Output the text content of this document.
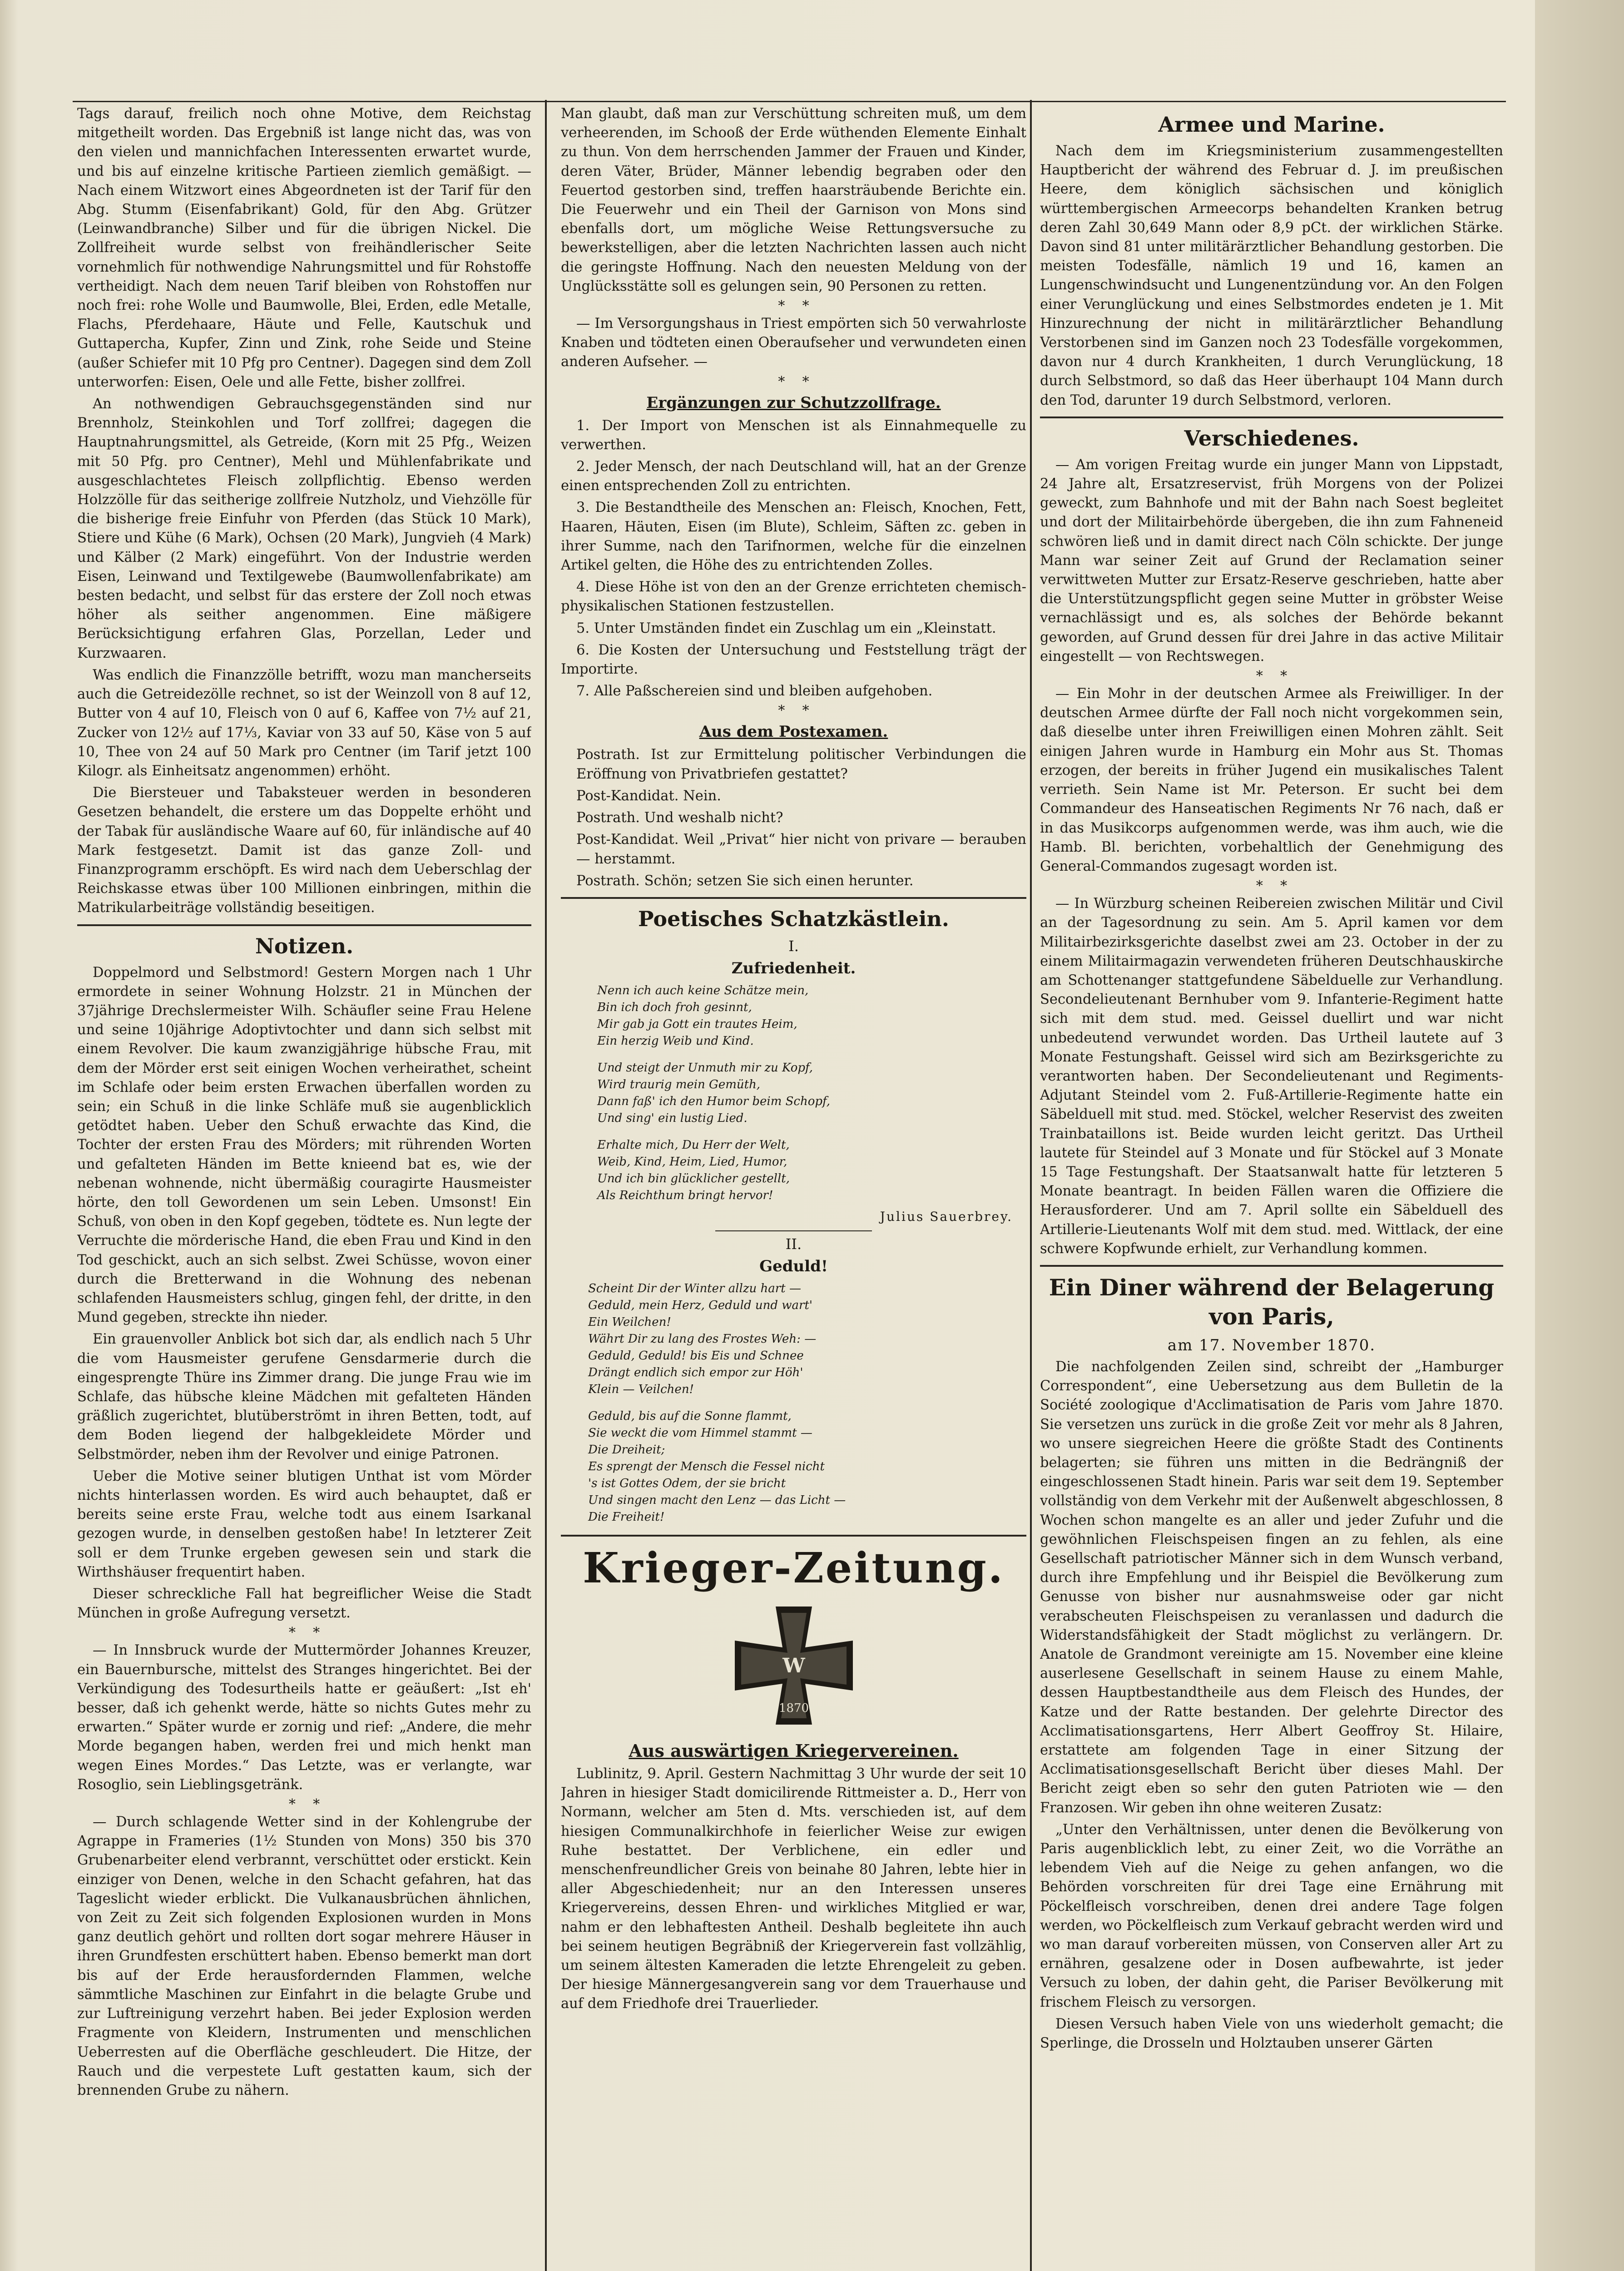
Tags darauf, freilich noch ohne Motive, dem Reichstag mitgetheilt worden. Das Ergebniß ist lange nicht das, was von den vielen und mannichfachen Interessenten erwartet wurde, und bis auf einzelne kritische Partieen ziemlich gemäßigt. — Nach einem Witzwort eines Abgeordneten ist der Tarif für den Abg. Stumm (Eisenfabrikant) Gold, für den Abg. Grützer (Leinwandbranche) Silber und für die übrigen Nickel. Die Zollfreiheit wurde selbst von freihändlerischer Seite vornehmlich für nothwendige Nahrungsmittel und für Rohstoffe vertheidigt. Nach dem neuen Tarif bleiben von Rohstoffen nur noch frei: rohe Wolle und Baumwolle, Blei, Erden, edle Metalle, Flachs, Pferdehaare, Häute und Felle, Kautschuk und Guttapercha, Kupfer, Zinn und Zink, rohe Seide und Steine (außer Schiefer mit 10 Pfg pro Centner). Dagegen sind dem Zoll unterworfen: Eisen, Oele und alle Fette, bisher zollfrei.

An nothwendigen Gebrauchsgegenständen sind nur Brennholz, Steinkohlen und Torf zollfrei; dagegen die Hauptnahrungsmittel, als Getreide, (Korn mit 25 Pfg., Weizen mit 50 Pfg. pro Centner), Mehl und Mühlenfabrikate und ausgeschlachtetes Fleisch zollpflichtig. Ebenso werden Holzzölle für das seitherige zollfreie Nutzholz, und Viehzölle für die bisherige freie Einfuhr von Pferden (das Stück 10 Mark), Stiere und Kühe (6 Mark), Ochsen (20 Mark), Jungvieh (4 Mark) und Kälber (2 Mark) eingeführt. Von der Industrie werden Eisen, Leinwand und Textilgewebe (Baumwollenfabrikate) am besten bedacht, und selbst für das erstere der Zoll noch etwas höher als seither angenommen. Eine mäßigere Berücksichtigung erfahren Glas, Porzellan, Leder und Kurzwaaren.

Was endlich die Finanzzölle betrifft, wozu man mancherseits auch die Getreidezölle rechnet, so ist der Weinzoll von 8 auf 12, Butter von 4 auf 10, Fleisch von 0 auf 6, Kaffee von 7½ auf 21, Zucker von 12½ auf 17⅓, Kaviar von 33 auf 50, Käse von 5 auf 10, Thee von 24 auf 50 Mark pro Centner (im Tarif jetzt 100 Kilogr. als Einheitsatz angenommen) erhöht.

Die Biersteuer und Tabaksteuer werden in besonderen Gesetzen behandelt, die erstere um das Doppelte erhöht und der Tabak für ausländische Waare auf 60, für inländische auf 40 Mark festgesetzt. Damit ist das ganze Zoll- und Finanzprogramm erschöpft. Es wird nach dem Ueberschlag der Reichskasse etwas über 100 Millionen einbringen, mithin die Matrikularbeiträge vollständig beseitigen.

Notizen.

Doppelmord und Selbstmord! Gestern Morgen nach 1 Uhr ermordete in seiner Wohnung Holzstr. 21 in München der 37jährige Drechslermeister Wilh. Schäufler seine Frau Helene und seine 10jährige Adoptivtochter und dann sich selbst mit einem Revolver. Die kaum zwanzigjährige hübsche Frau, mit dem der Mörder erst seit einigen Wochen verheirathet, scheint im Schlafe oder beim ersten Erwachen überfallen worden zu sein; ein Schuß in die linke Schläfe muß sie augenblicklich getödtet haben. Ueber den Schuß erwachte das Kind, die Tochter der ersten Frau des Mörders; mit rührenden Worten und gefalteten Händen im Bette knieend bat es, wie der nebenan wohnende, nicht übermäßig couragirte Hausmeister hörte, den toll Gewordenen um sein Leben. Umsonst! Ein Schuß, von oben in den Kopf gegeben, tödtete es. Nun legte der Verruchte die mörderische Hand, die eben Frau und Kind in den Tod geschickt, auch an sich selbst. Zwei Schüsse, wovon einer durch die Bretterwand in die Wohnung des nebenan schlafenden Hausmeisters schlug, gingen fehl, der dritte, in den Mund gegeben, streckte ihn nieder.

Ein grauenvoller Anblick bot sich dar, als endlich nach 5 Uhr die vom Hausmeister gerufene Gensdarmerie durch die eingesprengte Thüre ins Zimmer drang. Die junge Frau wie im Schlafe, das hübsche kleine Mädchen mit gefalteten Händen gräßlich zugerichtet, blutüberströmt in ihren Betten, todt, auf dem Boden liegend der halbgekleidete Mörder und Selbstmörder, neben ihm der Revolver und einige Patronen.

Ueber die Motive seiner blutigen Unthat ist vom Mörder nichts hinterlassen worden. Es wird auch behauptet, daß er bereits seine erste Frau, welche todt aus einem Isarkanal gezogen wurde, in denselben gestoßen habe! In letzterer Zeit soll er dem Trunke ergeben gewesen sein und stark die Wirthshäuser frequentirt haben.

Dieser schreckliche Fall hat begreiflicher Weise die Stadt München in große Aufregung versetzt.

*    *

— In Innsbruck wurde der Muttermörder Johannes Kreuzer, ein Bauernbursche, mittelst des Stranges hingerichtet. Bei der Verkündigung des Todesurtheils hatte er geäußert: „Ist eh' besser, daß ich gehenkt werde, hätte so nichts Gutes mehr zu erwarten.“ Später wurde er zornig und rief: „Andere, die mehr Morde begangen haben, werden frei und mich henkt man wegen Eines Mordes.“ Das Letzte, was er verlangte, war Rosoglio, sein Lieblingsgetränk.

*    *

— Durch schlagende Wetter sind in der Kohlengrube der Agrappe in Frameries (1½ Stunden von Mons) 350 bis 370 Grubenarbeiter elend verbrannt, verschüttet oder erstickt. Kein einziger von Denen, welche in den Schacht gefahren, hat das Tageslicht wieder erblickt. Die Vulkanausbrüchen ähnlichen, von Zeit zu Zeit sich folgenden Explosionen wurden in Mons ganz deutlich gehört und rollten dort sogar mehrere Häuser in ihren Grundfesten erschüttert haben. Ebenso bemerkt man dort bis auf der Erde herausfordernden Flammen, welche sämmtliche Maschinen zur Einfahrt in die belagte Grube und zur Luftreinigung verzehrt haben. Bei jeder Explosion werden Fragmente von Kleidern, Instrumenten und menschlichen Ueberresten auf die Oberfläche geschleudert. Die Hitze, der Rauch und die verpestete Luft gestatten kaum, sich der brennenden Grube zu nähern.

Man glaubt, daß man zur Verschüttung schreiten muß, um dem verheerenden, im Schooß der Erde wüthenden Elemente Einhalt zu thun. Von dem herrschenden Jammer der Frauen und Kinder, deren Väter, Brüder, Männer lebendig begraben oder den Feuertod gestorben sind, treffen haarsträubende Berichte ein. Die Feuerwehr und ein Theil der Garnison von Mons sind ebenfalls dort, um mögliche Weise Rettungsversuche zu bewerkstelligen, aber die letzten Nachrichten lassen auch nicht die geringste Hoffnung. Nach den neuesten Meldung von der Unglücksstätte soll es gelungen sein, 90 Personen zu retten.

*    *

— Im Versorgungshaus in Triest empörten sich 50 verwahrloste Knaben und tödteten einen Oberaufseher und verwundeten einen anderen Aufseher. —

*    *
Ergänzungen zur Schutzzollfrage.

1. Der Import von Menschen ist als Einnahmequelle zu verwerthen.

2. Jeder Mensch, der nach Deutschland will, hat an der Grenze einen entsprechenden Zoll zu entrichten.

3. Die Bestandtheile des Menschen an: Fleisch, Knochen, Fett, Haaren, Häuten, Eisen (im Blute), Schleim, Säften zc. geben in ihrer Summe, nach den Tarifnormen, welche für die einzelnen Artikel gelten, die Höhe des zu entrichtenden Zolles.

4. Diese Höhe ist von den an der Grenze errichteten chemisch-physikalischen Stationen festzustellen.

5. Unter Umständen findet ein Zuschlag um ein „Kleinstatt.

6. Die Kosten der Untersuchung und Feststellung trägt der Importirte.

7. Alle Paßschereien sind und bleiben aufgehoben.

*    *
Aus dem Postexamen.

Postrath. Ist zur Ermittelung politischer Verbindungen die Eröffnung von Privatbriefen gestattet?

Post-Kandidat. Nein.

Postrath. Und weshalb nicht?

Post-Kandidat. Weil „Privat“ hier nicht von privare — berauben — herstammt.

Postrath. Schön; setzen Sie sich einen herunter.

Poetisches Schatzkästlein.
I.
Zufriedenheit.
Nenn ich auch keine Schätze mein,
Bin ich doch froh gesinnt,
Mir gab ja Gott ein trautes Heim,
Ein herzig Weib und Kind.
Und steigt der Unmuth mir zu Kopf,
Wird traurig mein Gemüth,
Dann faß' ich den Humor beim Schopf,
Und sing' ein lustig Lied.
Erhalte mich, Du Herr der Welt,
Weib, Kind, Heim, Lied, Humor,
Und ich bin glücklicher gestellt,
Als Reichthum bringt hervor!
Julius Sauerbrey.
II.
Geduld!
Scheint Dir der Winter allzu hart —
Geduld, mein Herz, Geduld und wart'
Ein Weilchen!
Währt Dir zu lang des Frostes Weh: —
Geduld, Geduld! bis Eis und Schnee
Drängt endlich sich empor zur Höh'
Klein — Veilchen!
Geduld, bis auf die Sonne flammt,
Sie weckt die vom Himmel stammt —
Die Dreiheit;
Es sprengt der Mensch die Fessel nicht
's ist Gottes Odem, der sie bricht
Und singen macht den Lenz — das Licht —
Die Freiheit!
Krieger-Zeitung.
W
1870
Aus auswärtigen Kriegervereinen.

Lublinitz, 9. April. Gestern Nachmittag 3 Uhr wurde der seit 10 Jahren in hiesiger Stadt domicilirende Rittmeister a. D., Herr von Normann, welcher am 5ten d. Mts. verschieden ist, auf dem hiesigen Communalkirchhofe in feierlicher Weise zur ewigen Ruhe bestattet. Der Verblichene, ein edler und menschenfreundlicher Greis von beinahe 80 Jahren, lebte hier in aller Abgeschiedenheit; nur an den Interessen unseres Kriegervereins, dessen Ehren- und wirkliches Mitglied er war, nahm er den lebhaftesten Antheil. Deshalb begleitete ihn auch bei seinem heutigen Begräbniß der Kriegerverein fast vollzählig, um seinem ältesten Kameraden die letzte Ehrengeleit zu geben. Der hiesige Männergesangverein sang vor dem Trauerhause und auf dem Friedhofe drei Trauerlieder.

Armee und Marine.

Nach dem im Kriegsministerium zusammengestellten Hauptbericht der während des Februar d. J. im preußischen Heere, dem königlich sächsischen und königlich württembergischen Armeecorps behandelten Kranken betrug deren Zahl 30,649 Mann oder 8,9 pCt. der wirklichen Stärke. Davon sind 81 unter militärärztlicher Behandlung gestorben. Die meisten Todesfälle, nämlich 19 und 16, kamen an Lungenschwindsucht und Lungenentzündung vor. An den Folgen einer Verunglückung und eines Selbstmordes endeten je 1. Mit Hinzurechnung der nicht in militärärztlicher Behandlung Verstorbenen sind im Ganzen noch 23 Todesfälle vorgekommen, davon nur 4 durch Krankheiten, 1 durch Verunglückung, 18 durch Selbstmord, so daß das Heer überhaupt 104 Mann durch den Tod, darunter 19 durch Selbstmord, verloren.

Verschiedenes.

— Am vorigen Freitag wurde ein junger Mann von Lippstadt, 24 Jahre alt, Ersatzreservist, früh Morgens von der Polizei geweckt, zum Bahnhofe und mit der Bahn nach Soest begleitet und dort der Militairbehörde übergeben, die ihn zum Fahneneid schwören ließ und in damit direct nach Cöln schickte. Der junge Mann war seiner Zeit auf Grund der Reclamation seiner verwittweten Mutter zur Ersatz-Reserve geschrieben, hatte aber die Unterstützungspflicht gegen seine Mutter in gröbster Weise vernachlässigt und es, als solches der Behörde bekannt geworden, auf Grund dessen für drei Jahre in das active Militair eingestellt — von Rechtswegen.

*    *

— Ein Mohr in der deutschen Armee als Freiwilliger. In der deutschen Armee dürfte der Fall noch nicht vorgekommen sein, daß dieselbe unter ihren Freiwilligen einen Mohren zählt. Seit einigen Jahren wurde in Hamburg ein Mohr aus St. Thomas erzogen, der bereits in früher Jugend ein musikalisches Talent verrieth. Sein Name ist Mr. Peterson. Er sucht bei dem Commandeur des Hanseatischen Regiments Nr 76 nach, daß er in das Musikcorps aufgenommen werde, was ihm auch, wie die Hamb. Bl. berichten, vorbehaltlich der Genehmigung des General-Commandos zugesagt worden ist.

*    *

— In Würzburg scheinen Reibereien zwischen Militär und Civil an der Tagesordnung zu sein. Am 5. April kamen vor dem Militairbezirksgerichte daselbst zwei am 23. October in der zu einem Militairmagazin verwendeten früheren Deutschhauskirche am Schottenanger stattgefundene Säbelduelle zur Verhandlung. Secondelieutenant Bernhuber vom 9. Infanterie-Regiment hatte sich mit dem stud. med. Geissel duellirt und war nicht unbedeutend verwundet worden. Das Urtheil lautete auf 3 Monate Festungshaft. Geissel wird sich am Bezirksgerichte zu verantworten haben. Der Secondelieutenant und Regiments-Adjutant Steindel vom 2. Fuß-Artillerie-Regimente hatte ein Säbelduell mit stud. med. Stöckel, welcher Reservist des zweiten Trainbataillons ist. Beide wurden leicht geritzt. Das Urtheil lautete für Steindel auf 3 Monate und für Stöckel auf 3 Monate 15 Tage Festungshaft. Der Staatsanwalt hatte für letzteren 5 Monate beantragt. In beiden Fällen waren die Offiziere die Herausforderer. Und am 7. April sollte ein Säbelduell des Artillerie-Lieutenants Wolf mit dem stud. med. Wittlack, der eine schwere Kopfwunde erhielt, zur Verhandlung kommen.

Ein Diner während der Belagerung von Paris,
am 17. November 1870.

Die nachfolgenden Zeilen sind, schreibt der „Hamburger Correspondent“, eine Uebersetzung aus dem Bulletin de la Société zoologique d'Acclimatisation de Paris vom Jahre 1870. Sie versetzen uns zurück in die große Zeit vor mehr als 8 Jahren, wo unsere siegreichen Heere die größte Stadt des Continents belagerten; sie führen uns mitten in die Bedrängniß der eingeschlossenen Stadt hinein. Paris war seit dem 19. September vollständig von dem Verkehr mit der Außenwelt abgeschlossen, 8 Wochen schon mangelte es an aller und jeder Zufuhr und die gewöhnlichen Fleischspeisen fingen an zu fehlen, als eine Gesellschaft patriotischer Männer sich in dem Wunsch verband, durch ihre Empfehlung und ihr Beispiel die Bevölkerung zum Genusse von bisher nur ausnahmsweise oder gar nicht verabscheuten Fleischspeisen zu veranlassen und dadurch die Widerstandsfähigkeit der Stadt möglichst zu verlängern. Dr. Anatole de Grandmont vereinigte am 15. November eine kleine auserlesene Gesellschaft in seinem Hause zu einem Mahle, dessen Hauptbestandtheile aus dem Fleisch des Hundes, der Katze und der Ratte bestanden. Der gelehrte Director des Acclimatisationsgartens, Herr Albert Geoffroy St. Hilaire, erstattete am folgenden Tage in einer Sitzung der Acclimatisationsgesellschaft Bericht über dieses Mahl. Der Bericht zeigt eben so sehr den guten Patrioten wie — den Franzosen. Wir geben ihn ohne weiteren Zusatz:

„Unter den Verhältnissen, unter denen die Bevölkerung von Paris augenblicklich lebt, zu einer Zeit, wo die Vorräthe an lebendem Vieh auf die Neige zu gehen anfangen, wo die Behörden vorschreiten für drei Tage eine Ernährung mit Pöckelfleisch vorschreiben, denen drei andere Tage folgen werden, wo Pöckelfleisch zum Verkauf gebracht werden wird und wo man darauf vorbereiten müssen, von Conserven aller Art zu ernähren, gesalzene oder in Dosen aufbewahrte, ist jeder Versuch zu loben, der dahin geht, die Pariser Bevölkerung mit frischem Fleisch zu versorgen.

Diesen Versuch haben Viele von uns wiederholt gemacht; die Sperlinge, die Drosseln und Holztauben unserer Gärten
